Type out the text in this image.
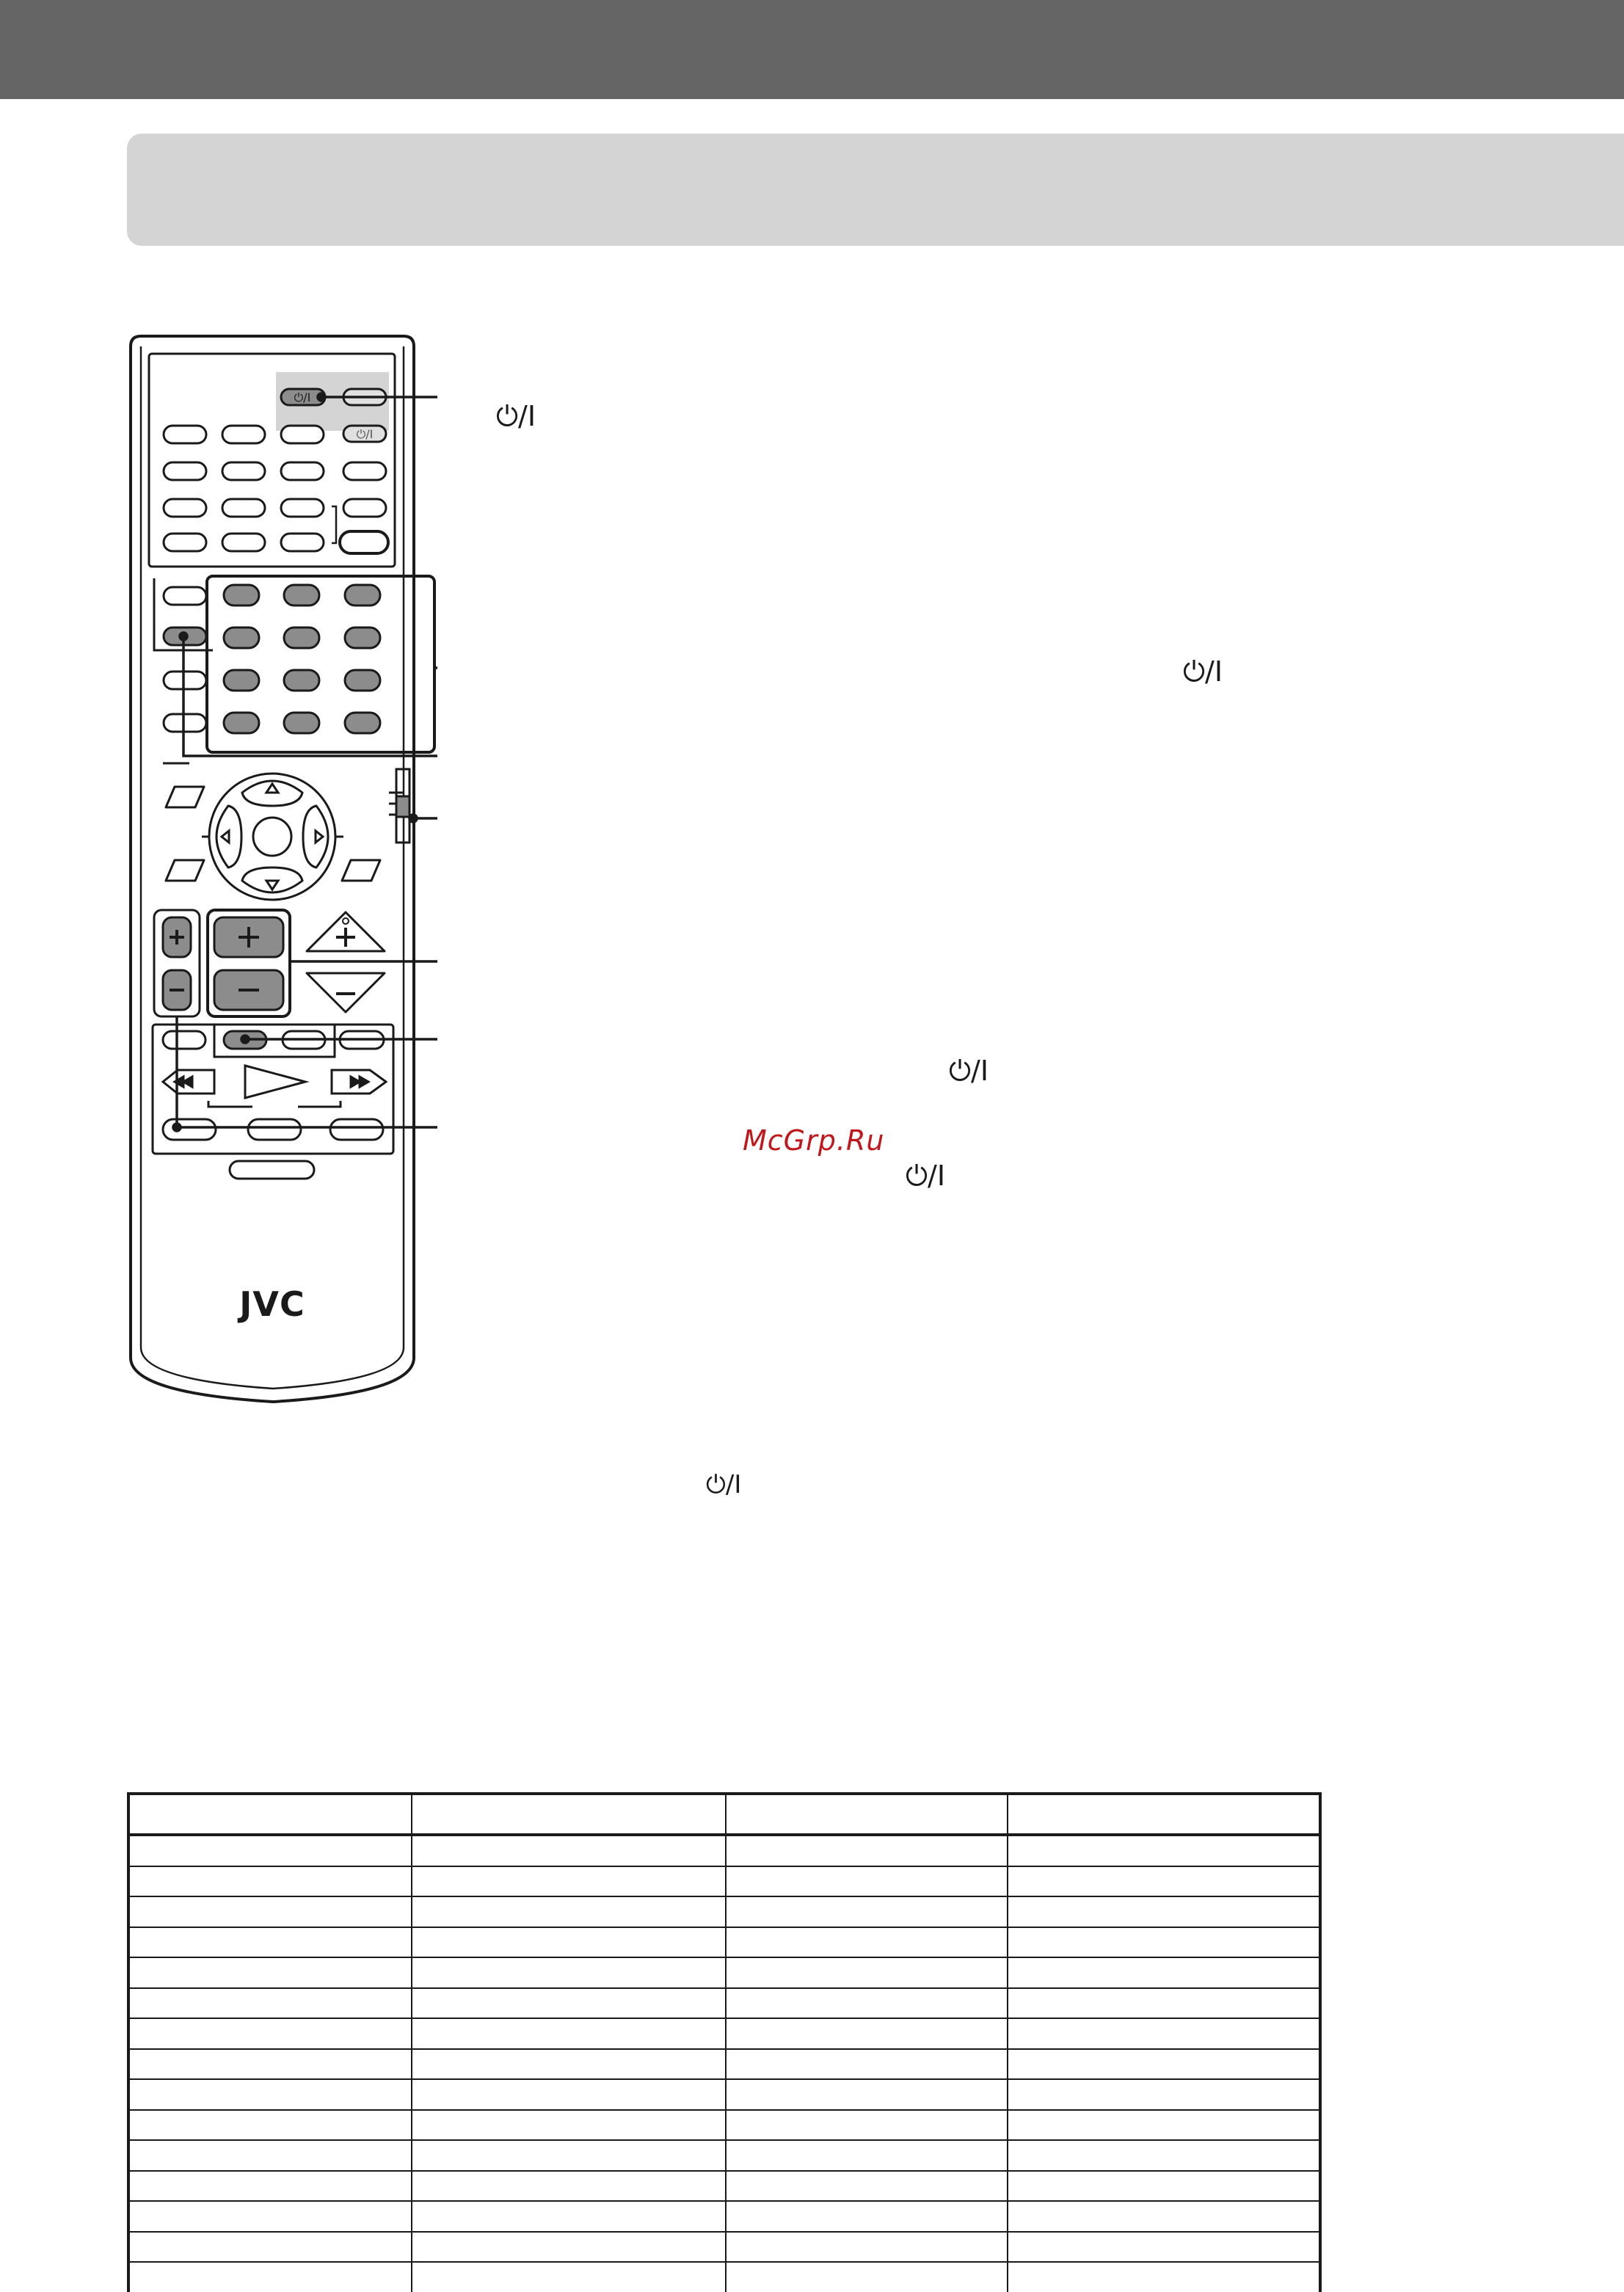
⏻/I
⏻/I
JVC
⏻/I
⏻/I
⏻/I
⏻/I
⏻/I
McGrp.Ru
